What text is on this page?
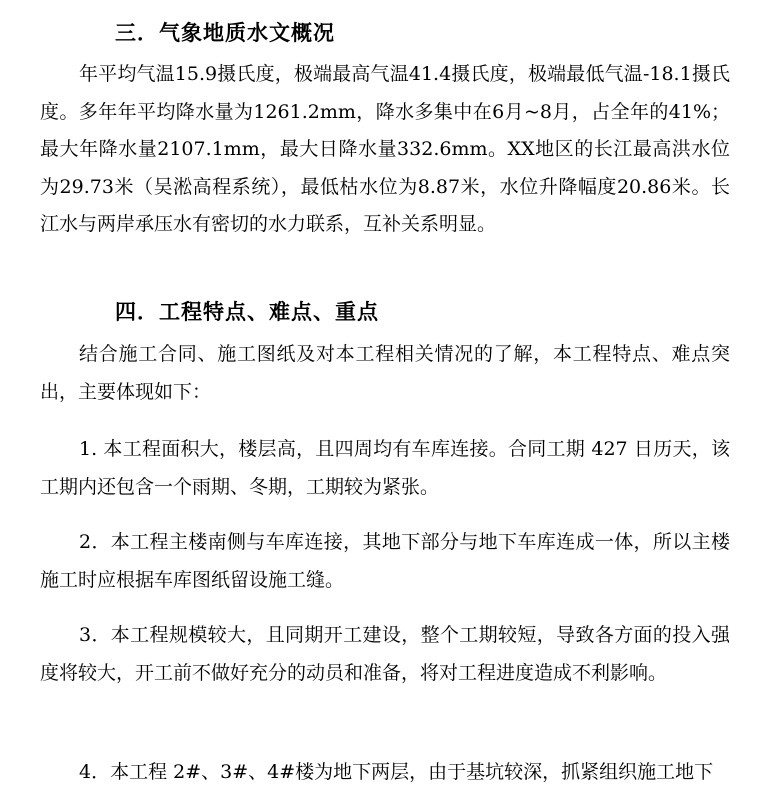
三．气象地质水文概况
年平均气温15.9摄氏度，极端最高气温41.4摄氏度，极端最低气温-18.1摄氏度。多年年平均降水量为1261.2mm，降水多集中在6月~8月，占全年的41%；最大年降水量2107.1mm，最大日降水量332.6mm。XX地区的长江最高洪水位为29.73米（吴淞高程系统），最低枯水位为8.87米，水位升降幅度20.86米。长江水与两岸承压水有密切的水力联系，互补关系明显。
四．工程特点、难点、重点
结合施工合同、施工图纸及对本工程相关情况的了解，本工程特点、难点突出，主要体现如下：
1. 本工程面积大，楼层高，且四周均有车库连接。合同工期 427 日历天，该工期内还包含一个雨期、冬期，工期较为紧张。
2．本工程主楼南侧与车库连接，其地下部分与地下车库连成一体，所以主楼施工时应根据车库图纸留设施工缝。
3．本工程规模较大，且同期开工建设，整个工期较短，导致各方面的投入强度将较大，开工前不做好充分的动员和准备，将对工程进度造成不利影响。
4．本工程 2#、3#、4#楼为地下两层，由于基坑较深，抓紧组织施工地下
